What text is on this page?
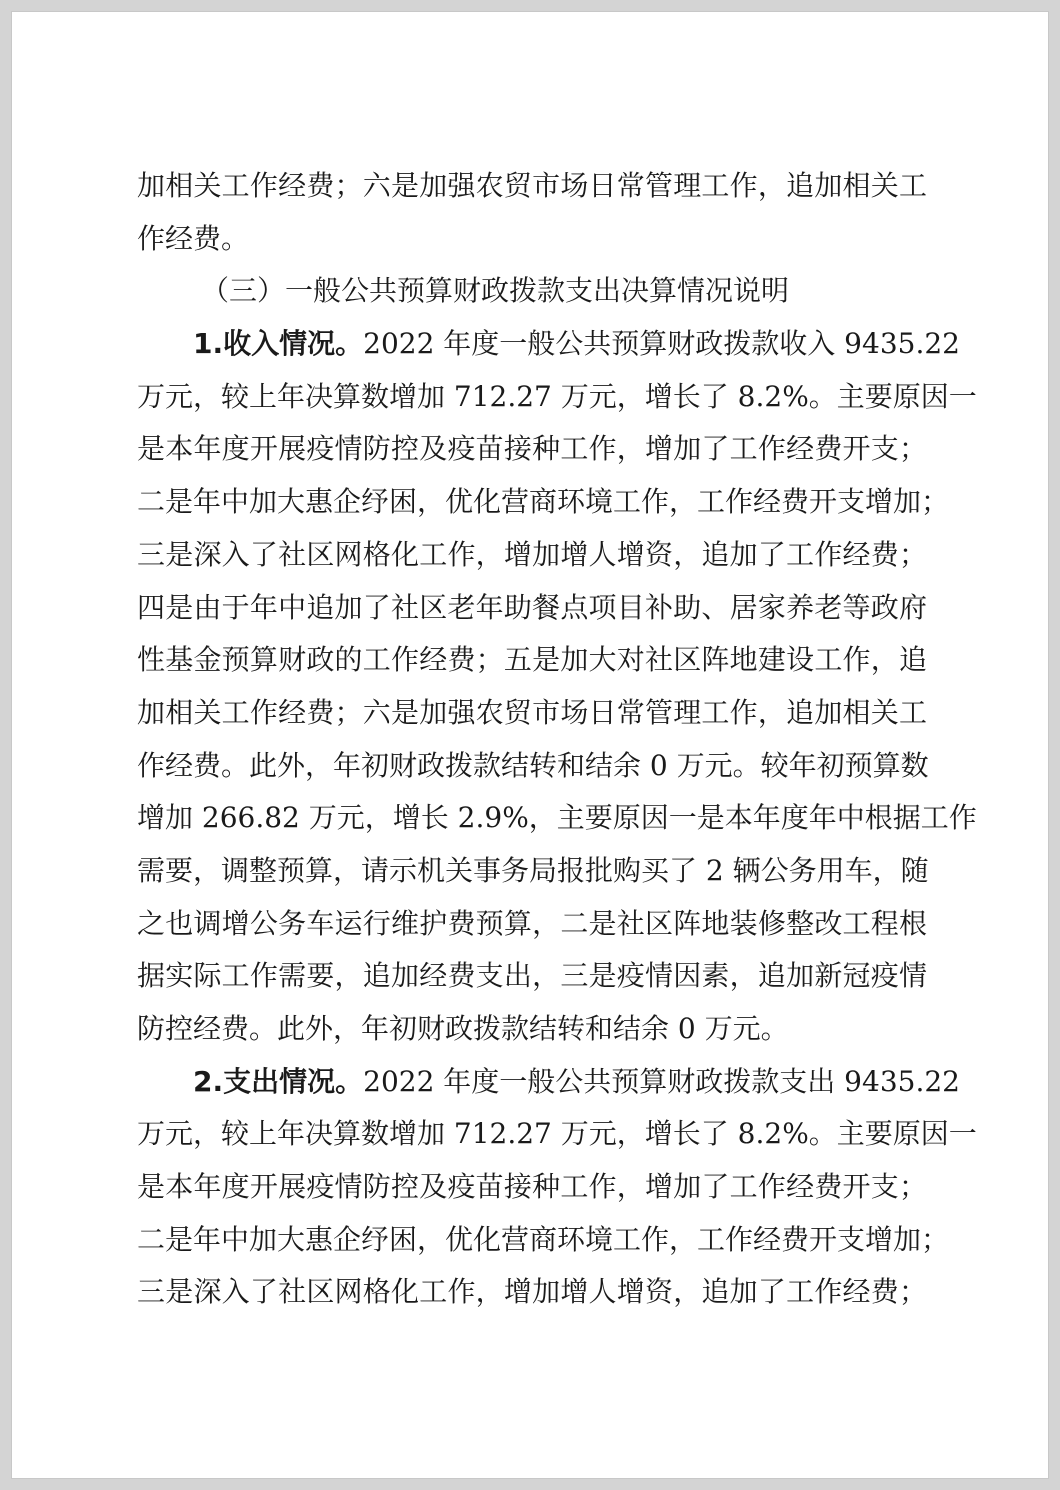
加相关工作经费；六是加强农贸市场日常管理工作，追加相关工
作经费。
（三）一般公共预算财政拨款支出决算情况说明
1.收入情况。2022 年度一般公共预算财政拨款收入 9435.22
万元，较上年决算数增加 712.27 万元，增长了 8.2%。主要原因一
是本年度开展疫情防控及疫苗接种工作，增加了工作经费开支；
二是年中加大惠企纾困，优化营商环境工作，工作经费开支增加；
三是深入了社区网格化工作，增加增人增资，追加了工作经费；
四是由于年中追加了社区老年助餐点项目补助、居家养老等政府
性基金预算财政的工作经费；五是加大对社区阵地建设工作，追
加相关工作经费；六是加强农贸市场日常管理工作，追加相关工
作经费。此外，年初财政拨款结转和结余 0 万元。较年初预算数
增加 266.82 万元，增长 2.9%，主要原因一是本年度年中根据工作
需要，调整预算，请示机关事务局报批购买了 2 辆公务用车，随
之也调增公务车运行维护费预算，二是社区阵地装修整改工程根
据实际工作需要，追加经费支出，三是疫情因素，追加新冠疫情
防控经费。此外，年初财政拨款结转和结余 0 万元。
2.支出情况。2022 年度一般公共预算财政拨款支出 9435.22
万元，较上年决算数增加 712.27 万元，增长了 8.2%。主要原因一
是本年度开展疫情防控及疫苗接种工作，增加了工作经费开支；
二是年中加大惠企纾困，优化营商环境工作，工作经费开支增加；
三是深入了社区网格化工作，增加增人增资，追加了工作经费；
